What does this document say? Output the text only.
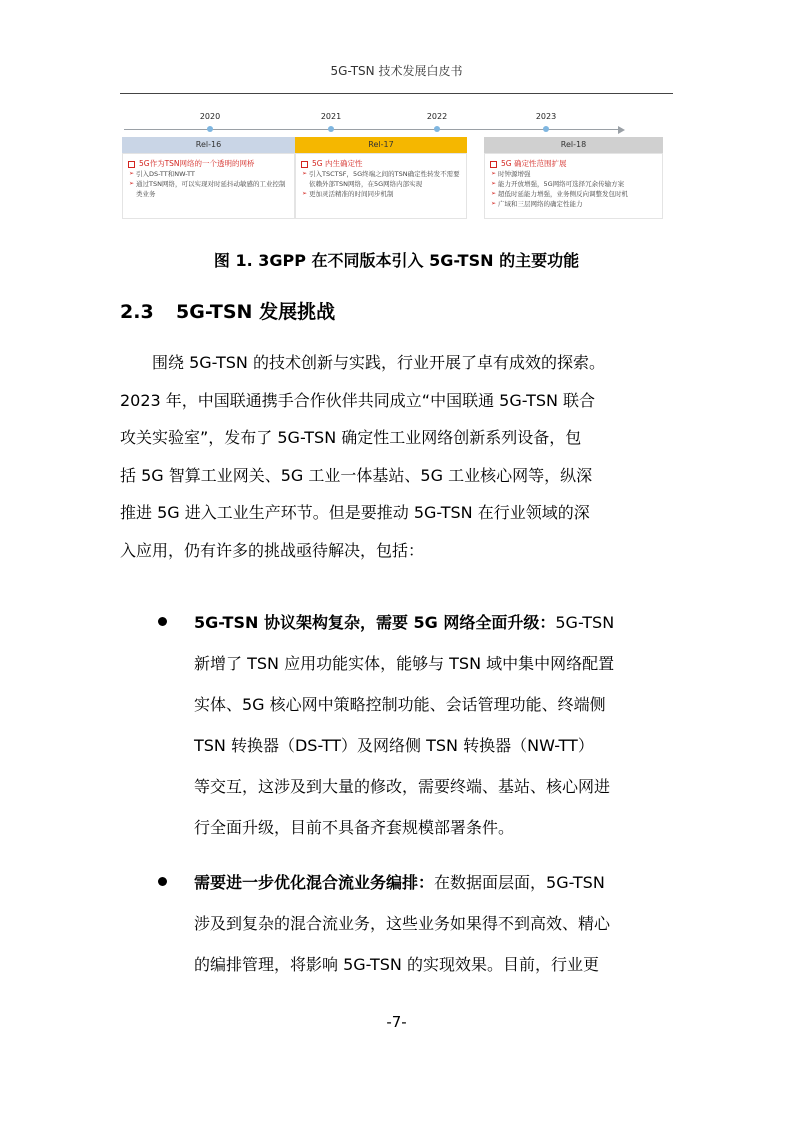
5G-TSN 技术发展白皮书
2020	2021	2022	2023
Rel-16
5G作为TSN网络的一个透明的网桥
➢ 引入DS-TT和NW-TT
➢ 通过TSN网络，可以实现对时延抖动敏感的工业控制类业务
Rel-17
5G 内生确定性
➢ 引入TSCTSF，5G终端之间的TSN确定性转发不需要依赖外部TSN网络，在5G网络内部实现
➢ 更加灵活精准的时间同步机制
Rel-18
5G 确定性范围扩展
➢ 时钟源增强
➢ 能力开放增强，5G网络可选择冗余传输方案
➢ 超低时延能力增强，业务侧反向调整发包时机
➢ 广域和三层网络的确定性能力
图 1. 3GPP 在不同版本引入 5G-TSN 的主要功能
2.3 5G-TSN 发展挑战
　　围绕 5G-TSN 的技术创新与实践，行业开展了卓有成效的探索。
2023 年，中国联通携手合作伙伴共同成立“中国联通 5G-TSN 联合
攻关实验室”，发布了 5G-TSN 确定性工业网络创新系列设备，包
括 5G 智算工业网关、5G 工业一体基站、5G 工业核心网等，纵深
推进 5G 进入工业生产环节。但是要推动 5G-TSN 在行业领域的深
入应用，仍有许多的挑战亟待解决，包括：
5G-TSN 协议架构复杂，需要 5G 网络全面升级：5G-TSN
新增了 TSN 应用功能实体，能够与 TSN 域中集中网络配置
实体、5G 核心网中策略控制功能、会话管理功能、终端侧
TSN 转换器（DS-TT）及网络侧 TSN 转换器（NW-TT）
等交互，这涉及到大量的修改，需要终端、基站、核心网进
行全面升级，目前不具备齐套规模部署条件。
需要进一步优化混合流业务编排：在数据面层面，5G-TSN
涉及到复杂的混合流业务，这些业务如果得不到高效、精心
的编排管理，将影响 5G-TSN 的实现效果。目前，行业更
-7-
